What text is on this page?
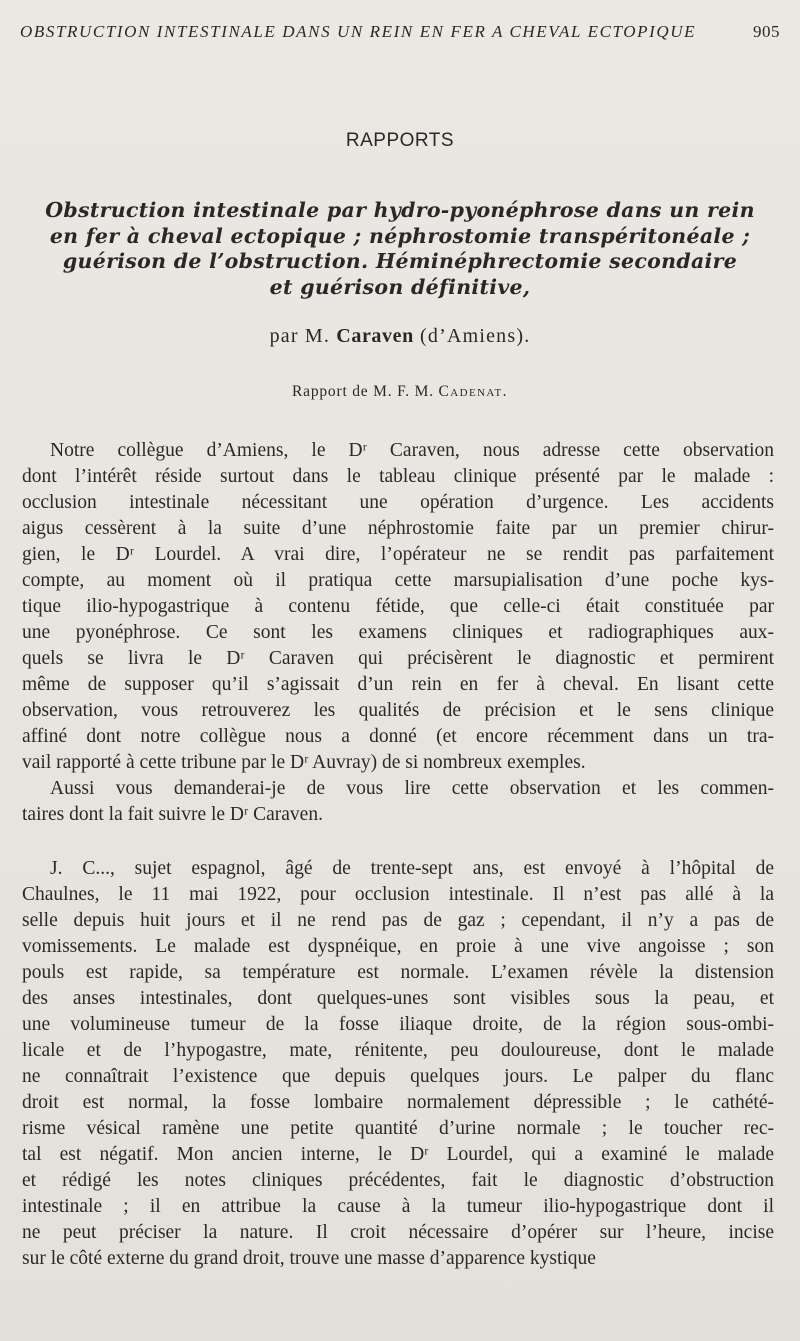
OBSTRUCTION INTESTINALE DANS UN REIN EN FER A CHEVAL ECTOPIQUE	905
RAPPORTS
Obstruction intestinale par hydro-pyonéphrose dans un rein
en fer à cheval ectopique ; néphrostomie transpéritonéale ;
guérison de l’obstruction. Héminéphrectomie secondaire
et guérison définitive,
par M. Caraven (d’Amiens).
Rapport de M. F. M. Cadenat.
Notre collègue d’Amiens, le Dʳ Caraven, nous adresse cette observation
dont l’intérêt réside surtout dans le tableau clinique présenté par le malade :
occlusion intestinale nécessitant une opération d’urgence. Les accidents
aigus cessèrent à la suite d’une néphrostomie faite par un premier chirur-
gien, le Dʳ Lourdel. A vrai dire, l’opérateur ne se rendit pas parfaitement
compte, au moment où il pratiqua cette marsupialisation d’une poche kys-
tique ilio-hypogastrique à contenu fétide, que celle-ci était constituée par
une pyonéphrose. Ce sont les examens cliniques et radiographiques aux-
quels se livra le Dʳ Caraven qui précisèrent le diagnostic et permirent
même de supposer qu’il s’agissait d’un rein en fer à cheval. En lisant cette
observation, vous retrouverez les qualités de précision et le sens clinique
affiné dont notre collègue nous a donné (et encore récemment dans un tra-
vail rapporté à cette tribune par le Dʳ Auvray) de si nombreux exemples.
Aussi vous demanderai-je de vous lire cette observation et les commen-
taires dont la fait suivre le Dʳ Caraven.
J. C..., sujet espagnol, âgé de trente-sept ans, est envoyé à l’hôpital de
Chaulnes, le 11 mai 1922, pour occlusion intestinale. Il n’est pas allé à la
selle depuis huit jours et il ne rend pas de gaz ; cependant, il n’y a pas de
vomissements. Le malade est dyspnéique, en proie à une vive angoisse ; son
pouls est rapide, sa température est normale. L’examen révèle la distension
des anses intestinales, dont quelques-unes sont visibles sous la peau, et
une volumineuse tumeur de la fosse iliaque droite, de la région sous-ombi-
licale et de l’hypogastre, mate, rénitente, peu douloureuse, dont le malade
ne connaîtrait l’existence que depuis quelques jours. Le palper du flanc
droit est normal, la fosse lombaire normalement dépressible ; le cathété-
risme vésical ramène une petite quantité d’urine normale ; le toucher rec-
tal est négatif. Mon ancien interne, le Dʳ Lourdel, qui a examiné le malade
et rédigé les notes cliniques précédentes, fait le diagnostic d’obstruction
intestinale ; il en attribue la cause à la tumeur ilio-hypogastrique dont il
ne peut préciser la nature. Il croit nécessaire d’opérer sur l’heure, incise
sur le côté externe du grand droit, trouve une masse d’apparence kystique
